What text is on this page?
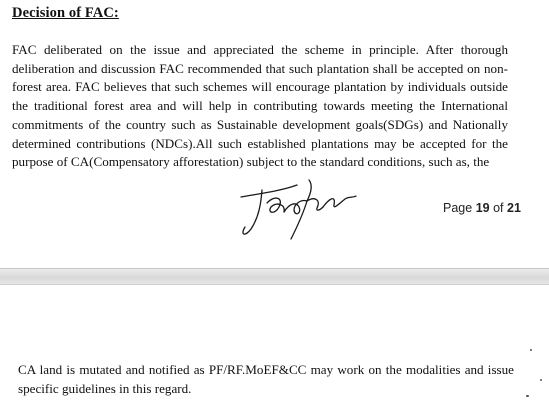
Decision of FAC:

FAC deliberated on the issue and appreciated the scheme in principle. After thorough deliberation and discussion FAC recommended that such plantation shall be accepted on non- forest area. FAC believes that such schemes will encourage plantation by individuals outside the traditional forest area and will help in contributing towards meeting the International commitments of the country such as Sustainable development goals(SDGs) and Nationally determined contributions (NDCs).All such established plantations may be accepted for the purpose of CA(Compensatory afforestation) subject to the standard conditions, such as, the

Page 19 of 21

CA land is mutated and notified as PF/RF.MoEF&CC may work on the modalities and issue specific guidelines in this regard.
